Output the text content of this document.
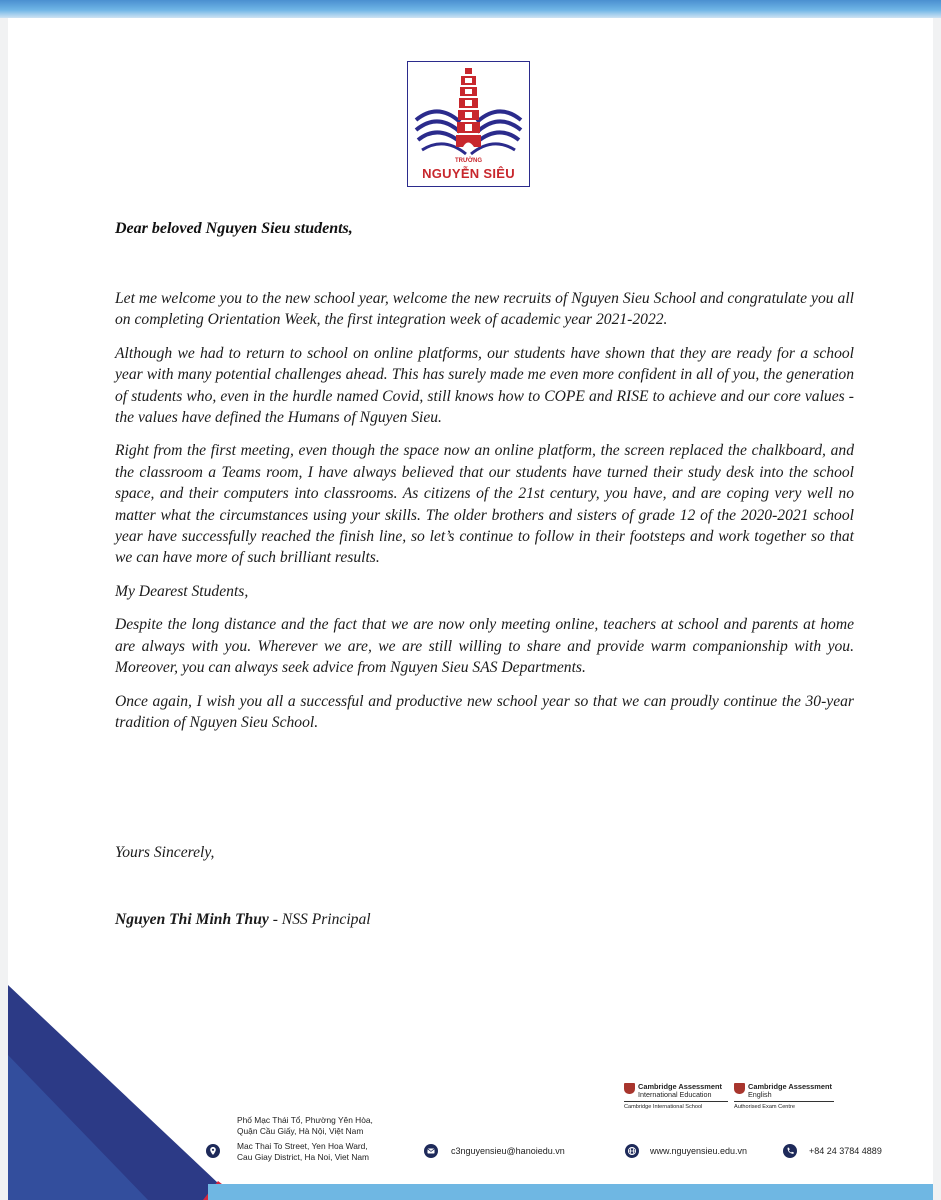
TRƯỜNG
NGUYỄN SIÊU
Dear beloved Nguyen Sieu students,

Let me welcome you to the new school year, welcome the new recruits of Nguyen Sieu School and congratulate you all on completing Orientation Week, the first integration week of academic year 2021-2022.

Although we had to return to school on online platforms, our students have shown that they are ready for a school year with many potential challenges ahead. This has surely made me even more confident in all of you, the generation of students who, even in the hurdle named Covid, still knows how to COPE and RISE to achieve and our core values - the values have defined the Humans of Nguyen Sieu.

Right from the first meeting, even though the space now an online platform, the screen replaced the chalkboard, and the classroom a Teams room, I have always believed that our students have turned their study desk into the school space, and their computers into classrooms. As citizens of the 21st century, you have, and are coping very well no matter what the circumstances using your skills. The older brothers and sisters of grade 12 of the 2020-2021 school year have successfully reached the finish line, so let’s continue to follow in their footsteps and work together so that we can have more of such brilliant results.

My Dearest Students,

Despite the long distance and the fact that we are now only meeting online, teachers at school and parents at home are always with you. Wherever we are, we are still willing to share and provide warm companionship with you. Moreover, you can always seek advice from Nguyen Sieu SAS Departments.

Once again, I wish you all a successful and productive new school year so that we can proudly continue the 30-year tradition of Nguyen Sieu School.

Yours Sincerely,
Nguyen Thi Minh Thuy - NSS Principal
Cambridge Assessment
International Education
Cambridge International School
Cambridge Assessment
English
Authorised Exam Centre
Phố Mạc Thái Tổ, Phường Yên Hòa,
Quận Cầu Giấy, Hà Nội, Việt Nam
Mac Thai To Street, Yen Hoa Ward,
Cau Giay District, Ha Noi, Viet Nam
c3nguyensieu@hanoiedu.vn	www.nguyensieu.edu.vn	+84 24 3784 4889
